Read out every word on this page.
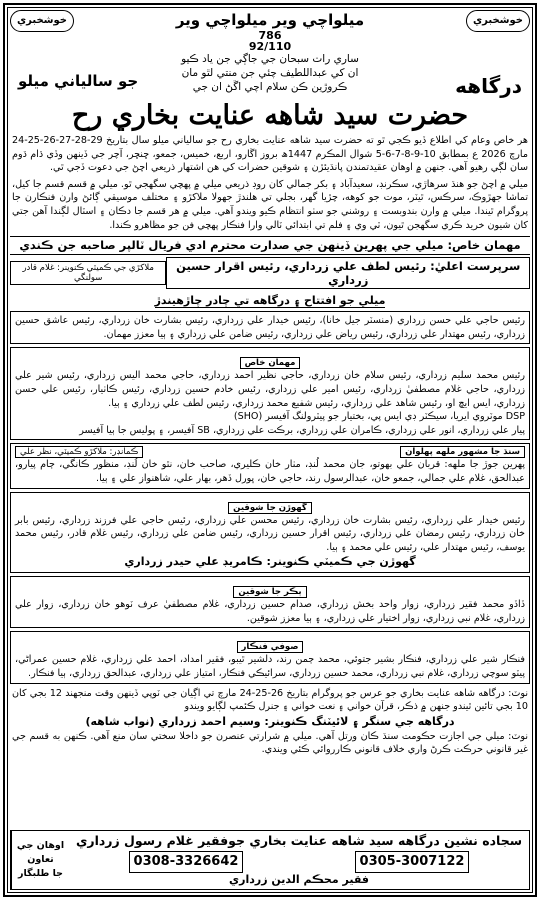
خوشخبري
خوشخبري	ميلواچي وير ميلواچي وير
786
92/110
ساري رات سبحان جي جاڳي جن ياد ڪيو
ان کي عبداللطيف چئي جن منتي لٿو مان
ڪروڙين ڪن سلام اچي اڱڻ ان جي	درگاهه
جو سالياني ميلو
حضرت سيد شاهه عنايت بخاري رح
هر خاص وعام کي اطلاع ڏيو ڪجي ٿو ته حضرت سيد شاهه عنايت بخاري رح جو سالياني ميلو سال بتاريخ 29-28-27-26-25-24 مارچ 2026 ع بمطابق 10-9-8-7-6-5 شوال المڪرم 1447ھ بروز اڱارو، اربع، خميس، جمعو، ڇنڇر، آچر جي ڏينهن وڏي ڌام ڌوم سان لڳي رهيو آهي. جنهن ۾ اوهان عقيدتمندن پانڌيئڙن ۽ شوقين حضرات کي هن اشتهار ذريعي اچڻ جي دعوت ڏجي ٿي.
ميلي ۾ اچڻ جو هنڌ سرهاڙي، سڪرنڊ، سعيدآباد ۽ بکر جمالي کان روڊ ذريعي ميلي ۾ پهچي سگهجي ٿو. ميلي ۾ قسم قسم جا کيل، تماشا جهڙوڪ، سرڪس، ٿيٽر، موت جو کوهه، چڙيا گهر، بجلي تي هلندڙ جهولا ملاکڙو ۽ مختلف موسيقي ڳائڻ وارن فنڪارن جا پروگرام ٿيندا. ميلي ۾ وارن بندوبست ۽ روشني جو سٺو انتظام ڪيو ويندو آهي. ميلي ۾ هر قسم جا دڪان ۽ اسٽال لڳندا آهن جتي کان شيون خريد ڪري سگهجن ٿيون، ٽي وي ۽ فلم تي ابتدائي ٽالي وارا فنڪار پهچي فن جو مظاهرو ڪندا.
مهمان خاص: ميلي جي پهرين ڏينهن جي صدارت محترم ادي فريال ٽالپر صاحبه جن ڪندي
سرپرست اعليٰ: رئيس لطف علي زرداري، رئيس اقرار حسين زرداري
ملاکڙي جي ڪميٽي ڪنوينر: غلام قادر سولنگي
ميلي جو افتتاح ۽ درگاهه تي چادر چاڙهيندڙ
رئيس حاجي علي حسن زرداري (منسٽر جيل خانا)، رئيس خيدار علي زرداري، رئيس بشارت خان زرداري، رئيس عاشق حسين زرداري، رئيس مهتدار علي زرداري، رئيس رياض علي زرداري، رئيس ضامن علي زرداري ۽ ٻيا معزز مهمان.
مهمان خاص
رئيس محمد سليم زرداري، رئيس سلام خان زرداري، حاجي نظير احمد زرداري، حاجي محمد اليس زرداري، رئيس شير علي زرداري، حاجي غلام مصطفيٰ زرداري، رئيس امير علي زرداري، رئيس خادم حسين زرداري، رئيس ڪاٺيار، رئيس علي حسن زرداري، ايس ايڇ او، رئيس شاهد علي زرداري، رئيس شفيع محمد زرداري، رئيس لطف علي زرداري ۽ ٻيا.
DSP موٽروي ايريا، سيڪٽر ڊي ايس پي، بختيار جو پيٽرولنگ آفيسر (SHO)
پيار علي زرداري، انور علي زرداري، ڪامران علي زرداري، برڪت علي زرداري، SB آفيسر، ۽ پوليس جا ٻيا آفيسر
سنڌ جا مشهور ملهه پهلوان
ڪمانڊر: ملاکڙو ڪميٽي، نظر علي
پهرين جوڙ جا ملهه: قربان علي بهوتو، جان محمد لُنڊ، مٺار خان ڪليري، صاحب خان، نٿو خان لُنڊ، منظور ڪانگي، ڄام پيارو، عبدالحق، غلام علي جمالي، جمعو خان، عبدالرسول رند، حاجي خان، ڀورل ڏهر، بهار علي، شاهنواز علي ۽ ٻيا.
گهوڙن جا شوقين
رئيس خيدار علي زرداري، رئيس بشارت خان زرداري، رئيس محسن علي زرداري، رئيس حاجي علي فرزند زرداري، رئيس بابر خان زرداري، رئيس رمضان علي زرداري، رئيس اقرار حسين زرداري، رئيس ضامن علي زرداري، رئيس غلام قادر، رئيس محمد يوسف، رئيس مهتدار علي، رئيس علي محمد ۽ ٻيا.
گهوڙن جي ڪميٽي ڪنوينر: ڪامريڊ علي حيدر زرداري
ٻڪر جا شوقين
ڏاڏو محمد فقير زرداري، زوار واحد بخش زرداري، صدام حسين زرداري، غلام مصطفيٰ عرف ٽوهو خان زرداري، زوار علي زرداري، غلام نبي زرداري، زوار اختيار علي زرداري، ۽ ٻيا معزز شوقين.
صوفي فنڪار
فنڪار شير علي زرداري، فنڪار بشير جتوئي، محمد ڄمن رند، دلشير ٿيبو، فقير امداد، احمد علي زرداري، غلام حسين عمراڻي، پيٽو سوچي زرداري، غلام نبي زرداري، محمد حسين زرداري، سرائيڪي فنڪار، امتياز علي زرداري، عبدالحق زرداري، ٻيا فنڪار.
نوٽ: درگاهه شاهه عنايت بخاري جو عرس جو پروگرام بتاريخ 26-25-24 مارچ تي اڳيان جي ٽوپي ڏينهن وقت منجهند 12 بجي کان 10 بجي تائين ٿيندو جنهن ۾ ذڪر، قرآن خواني ۽ نعت خواني ۽ جنرل ڪئمپ لڳايو ويندو
درگاهه جي سنگر ۽ لائيٽنگ ڪنوينر: وسيم احمد زرداري (نواب شاهه)
نوٽ: ميلي جي اجازت حڪومت سنڌ ڪان ورتل آهي. ميلي ۾ شرارتي عنصرن جو داخلا سختي سان منع آهي. ڪنهن به قسم جي غير قانوني حرڪت ڪرڻ واري خلاف قانوني ڪارروائي ڪئي ويندي.
سجاده نشين درگاهه سيد شاهه عنايت بخاري جوفقير غلام رسول زرداري
0308-3326642	0305-3007122
فقير محڪم الدين زرداري
اوهان جي تعاون
جا طلبگار
